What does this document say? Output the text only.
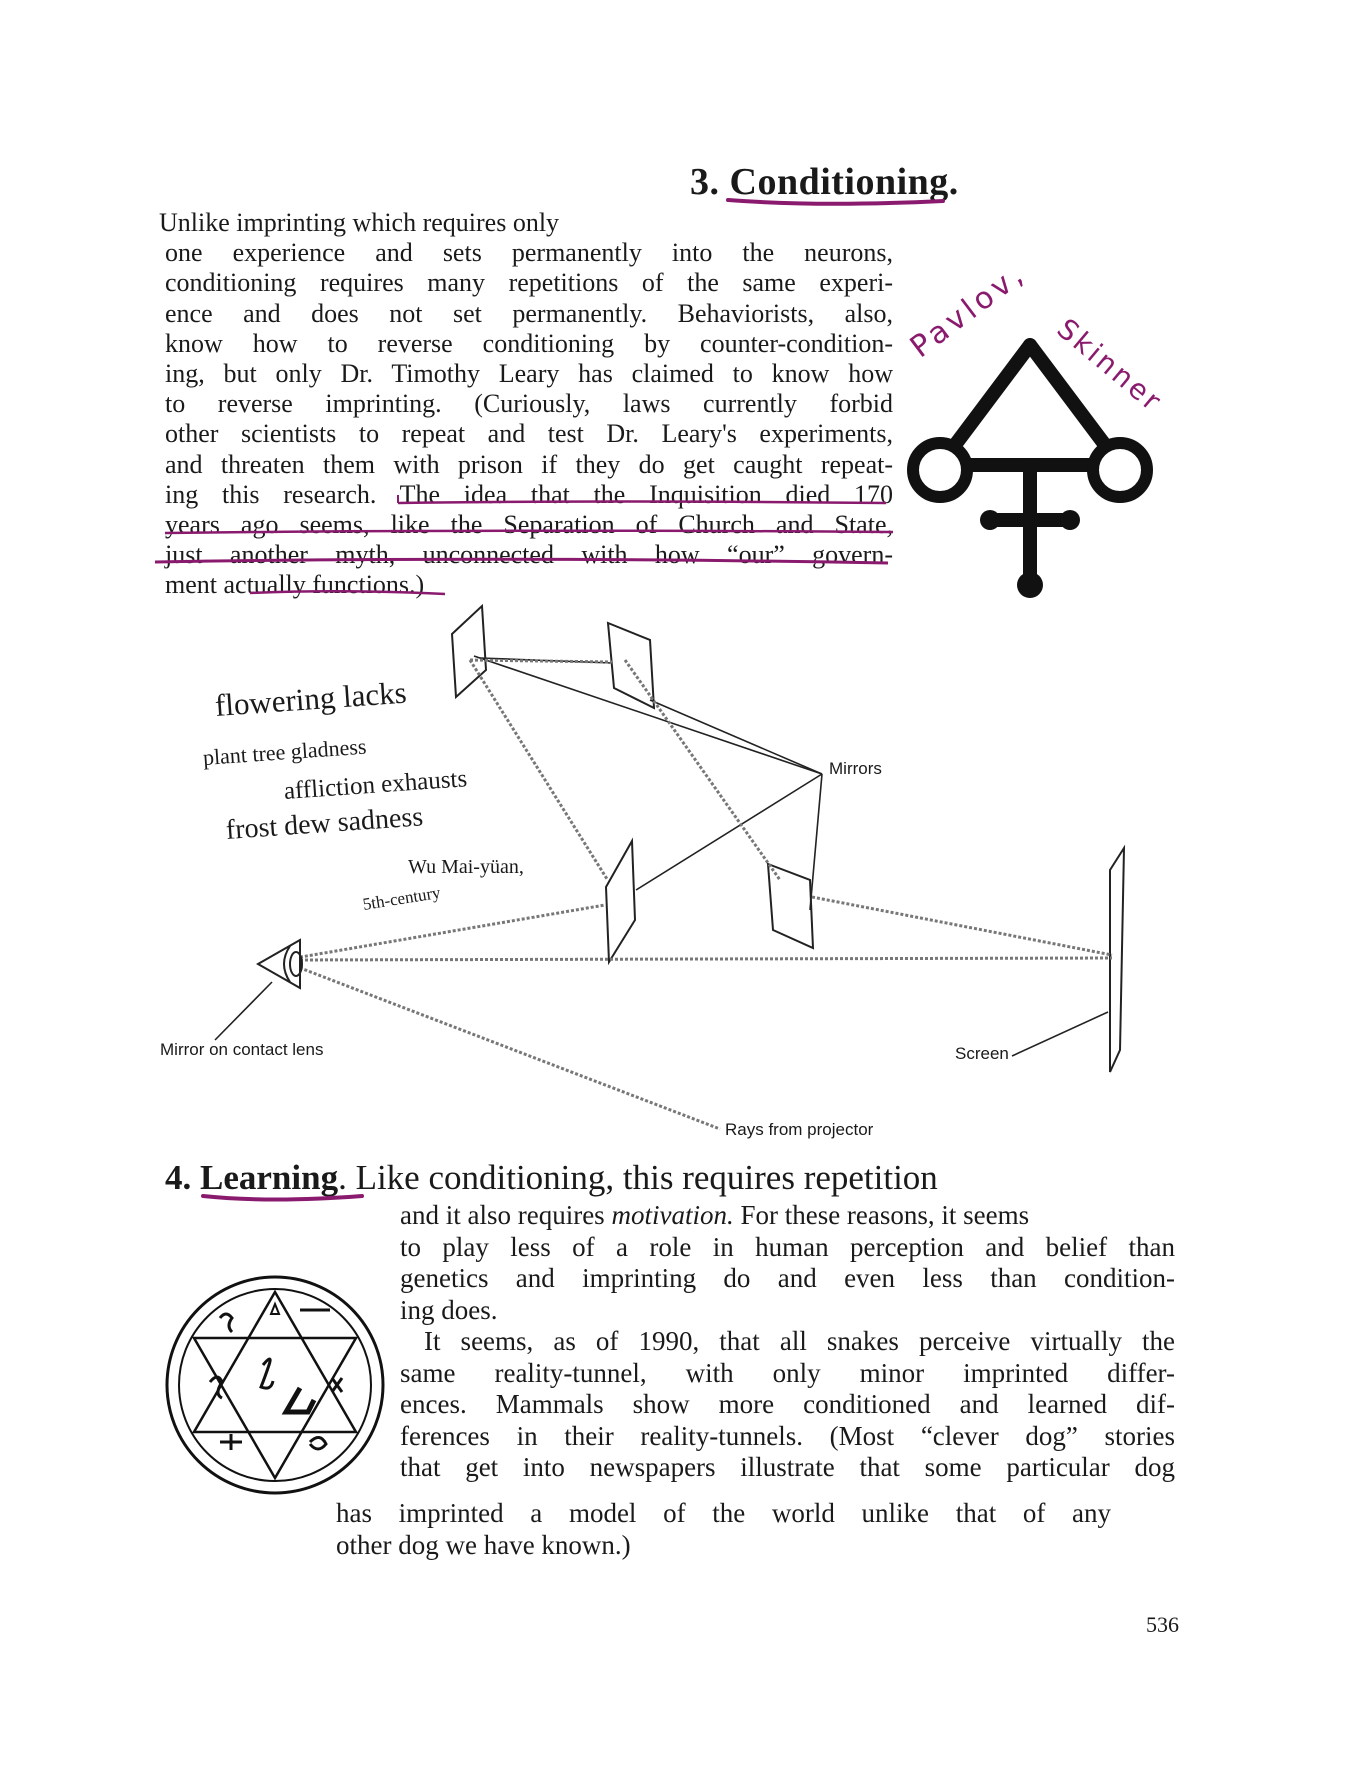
3. Conditioning.
Unlike imprinting which requires only
one experience and sets permanently into the neurons,
conditioning requires many repetitions of the same experi-
ence and does not set permanently. Behaviorists, also,
know how to reverse conditioning by counter-condition-
ing, but only Dr. Timothy Leary has claimed to know how
to reverse imprinting. (Curiously, laws currently forbid
other scientists to repeat and test Dr. Leary's experiments,
and threaten them with prison if they do get caught repeat-
ing this research. The idea that the Inquisition died 170
years ago seems, like the Separation of Church and State,
just another myth, unconnected with how “our” govern-
ment actually functions.)
Pavlov,
Skinner
Mirrors
Mirror on contact lens	Screen
Rays from projector
flowering lacks
plant tree gladness
affliction exhausts
frost dew sadness
Wu Mai-yüan,
5th-century
4. Learning. Like conditioning, this requires repetition
and it also requires motivation. For these reasons, it seems
to play less of a role in human perception and belief than
genetics and imprinting do and even less than condition-
ing does.
It seems, as of 1990, that all snakes perceive virtually the
same reality-tunnel, with only minor imprinted differ-
ences. Mammals show more conditioned and learned dif-
ferences in their reality-tunnels. (Most “clever dog” stories
that get into newspapers illustrate that some particular dog
has imprinted a model of the world unlike that of any
other dog we have known.)
536
